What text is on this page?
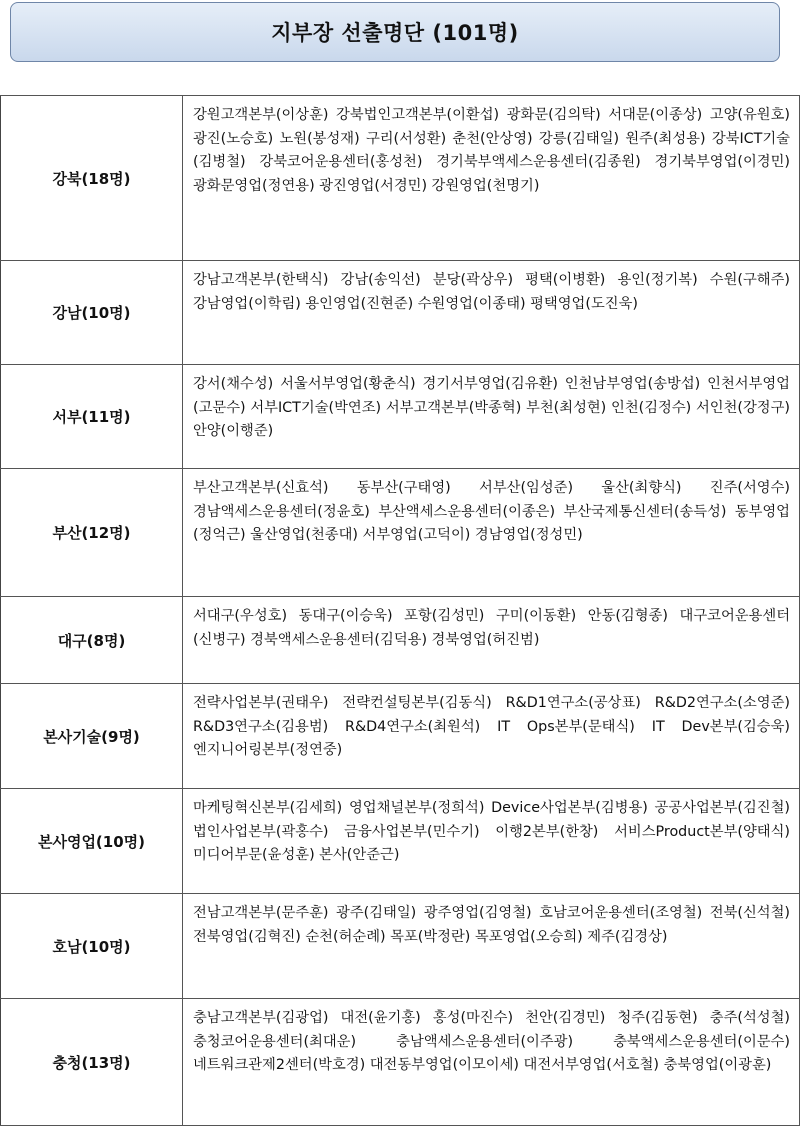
지부장 선출명단 (101명)
강북(18명)	강원고객본부(이상훈) 강북법인고객본부(이환섭) 광화문(김의탁) 서대문(이종상) 고양(유원호) 광진(노승호) 노원(봉성재) 구리(서성환) 춘천(안상영) 강릉(김태일) 원주(최성용) 강북ICT기술(김병철) 강북코어운용센터(홍성천) 경기북부액세스운용센터(김종원) 경기북부영업(이경민) 광화문영업(정연용) 광진영업(서경민) 강원영업(천명기)
강남(10명)	강남고객본부(한택식) 강남(송익선) 분당(곽상우) 평택(이병환) 용인(정기복) 수원(구해주) 강남영업(이학림) 용인영업(진현준) 수원영업(이종태) 평택영업(도진욱)
서부(11명)	강서(채수성) 서울서부영업(황춘식) 경기서부영업(김유환) 인천남부영업(송방섭) 인천서부영업(고문수) 서부ICT기술(박연조) 서부고객본부(박종혁) 부천(최성현) 인천(김정수) 서인천(강정구) 안양(이행준)
부산(12명)	부산고객본부(신효석) 동부산(구태영) 서부산(임성준) 울산(최향식) 진주(서영수) 경남액세스운용센터(정윤호) 부산액세스운용센터(이종은) 부산국제통신센터(송득성) 동부영업(정억근) 울산영업(천종대) 서부영업(고덕이) 경남영업(정성민)
대구(8명)	서대구(우성호) 동대구(이승욱) 포항(김성민) 구미(이동환) 안동(김형종) 대구코어운용센터(신병구) 경북액세스운용센터(김덕용) 경북영업(허진범)
본사기술(9명)	전략사업본부(권태우) 전략컨설팅본부(김동식) R&D1연구소(공상표) R&D2연구소(소영준) R&D3연구소(김용범) R&D4연구소(최원석) IT Ops본부(문태식) IT Dev본부(김승욱) 엔지니어링본부(정연중)
본사영업(10명)	마케팅혁신본부(김세희) 영업채널본부(정희석) Device사업본부(김병용) 공공사업본부(김진철) 법인사업본부(곽홍수) 금융사업본부(민수기) 이행2본부(한창) 서비스Product본부(양태식) 미디어부문(윤성훈) 본사(안준근)
호남(10명)	전남고객본부(문주훈) 광주(김태일) 광주영업(김영철) 호남코어운용센터(조영철) 전북(신석철) 전북영업(김혁진) 순천(허순례) 목포(박정란) 목포영업(오승희) 제주(김경상)
충청(13명)	충남고객본부(김광업) 대전(윤기홍) 홍성(마진수) 천안(김경민) 청주(김동현) 충주(석성철) 충청코어운용센터(최대운) 충남액세스운용센터(이주광) 충북액세스운용센터(이문수) 네트워크관제2센터(박호경) 대전동부영업(이모이세) 대전서부영업(서호철) 충북영업(이광훈)
